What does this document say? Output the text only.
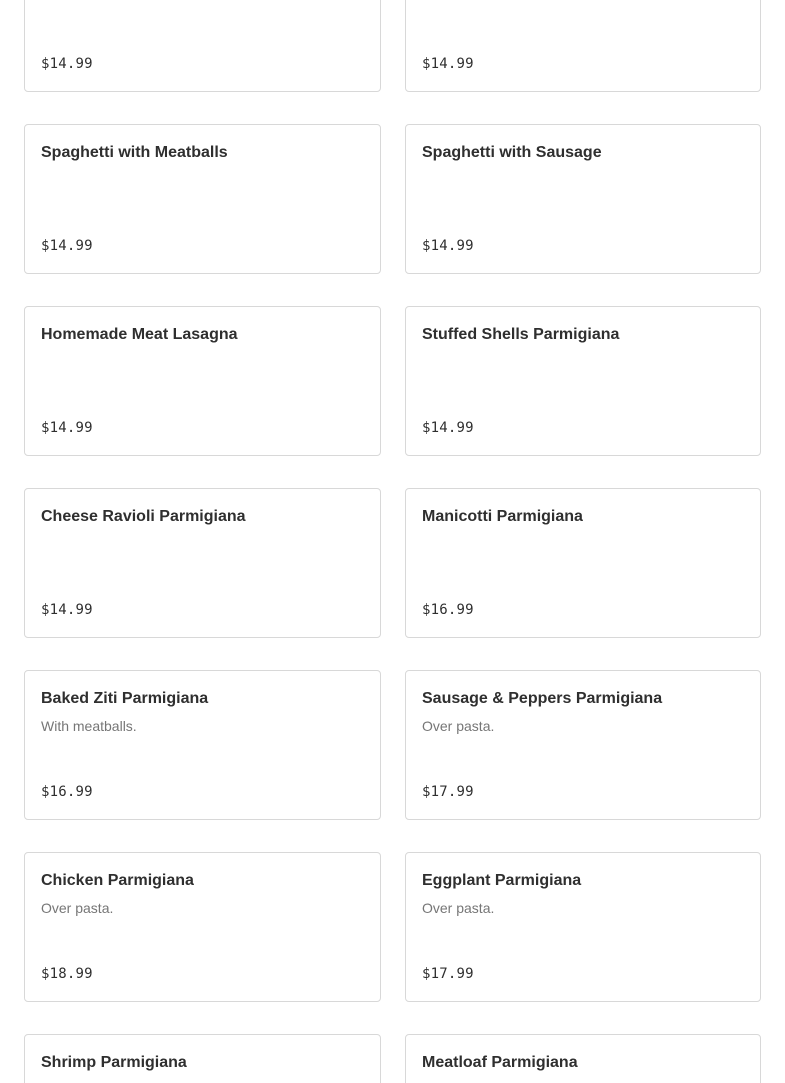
$14.99	$14.99
Spaghetti with Meatballs
$14.99
Spaghetti with Sausage
$14.99
Homemade Meat Lasagna
$14.99
Stuffed Shells Parmigiana
$14.99
Cheese Ravioli Parmigiana
$14.99
Manicotti Parmigiana
$16.99
Baked Ziti Parmigiana
With meatballs.
$16.99
Sausage & Peppers Parmigiana
Over pasta.
$17.99
Chicken Parmigiana
Over pasta.
$18.99
Eggplant Parmigiana
Over pasta.
$17.99
Shrimp Parmigiana	Meatloaf Parmigiana
